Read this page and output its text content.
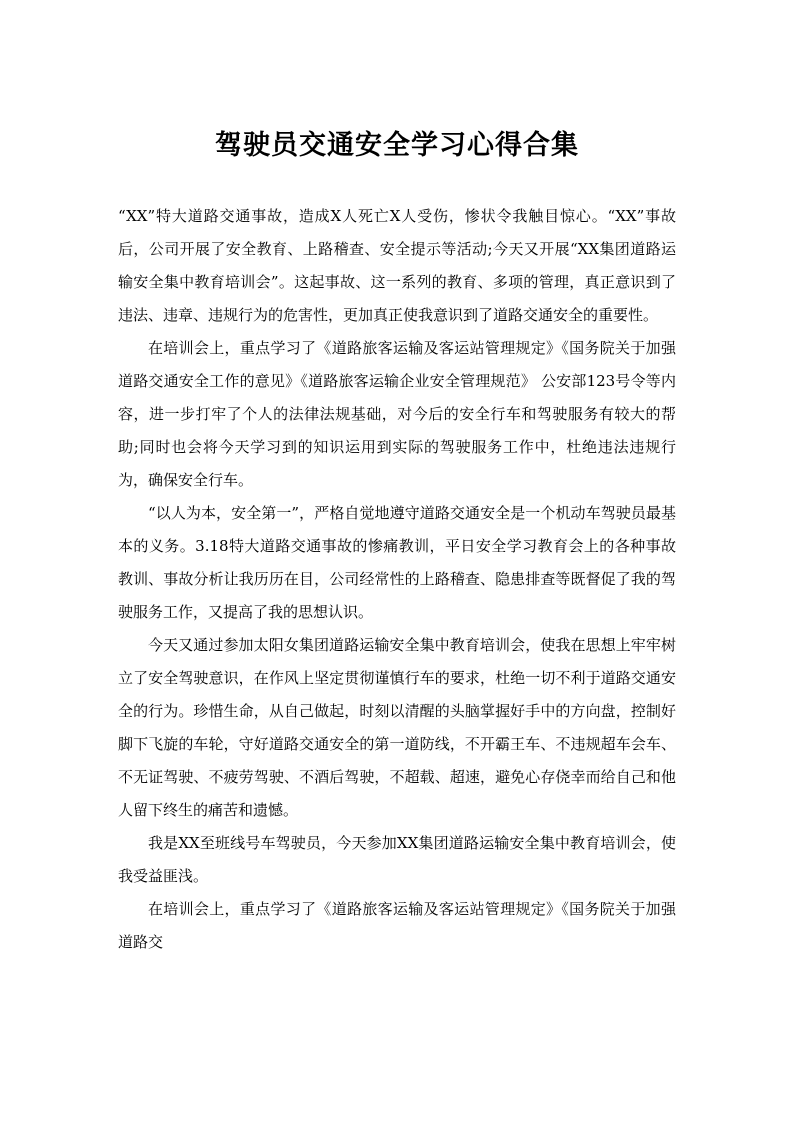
驾驶员交通安全学习心得合集

“XX”特大道路交通事故，造成X人死亡X人受伤，惨状令我触目惊心。“XX”事故后，公司开展了安全教育、上路稽查、安全提示等活动;今天又开展“XX集团道路运输安全集中教育培训会”。这起事故、这一系列的教育、多项的管理，真正意识到了违法、违章、违规行为的危害性，更加真正使我意识到了道路交通安全的重要性。

在培训会上，重点学习了《道路旅客运输及客运站管理规定》《国务院关于加强道路交通安全工作的意见》《道路旅客运输企业安全管理规范》 公安部123号令等内容，进一步打牢了个人的法律法规基础，对今后的安全行车和驾驶服务有较大的帮助;同时也会将今天学习到的知识运用到实际的驾驶服务工作中，杜绝违法违规行为，确保安全行车。

“以人为本，安全第一”，严格自觉地遵守道路交通安全是一个机动车驾驶员最基本的义务。3.18特大道路交通事故的惨痛教训，平日安全学习教育会上的各种事故教训、事故分析让我历历在目，公司经常性的上路稽查、隐患排查等既督促了我的驾驶服务工作，又提高了我的思想认识。

今天又通过参加太阳女集团道路运输安全集中教育培训会，使我在思想上牢牢树立了安全驾驶意识，在作风上坚定贯彻谨慎行车的要求，杜绝一切不利于道路交通安全的行为。珍惜生命，从自己做起，时刻以清醒的头脑掌握好手中的方向盘，控制好脚下飞旋的车轮，守好道路交通安全的第一道防线，不开霸王车、不违规超车会车、不无证驾驶、不疲劳驾驶、不酒后驾驶，不超载、超速，避免心存侥幸而给自己和他人留下终生的痛苦和遗憾。

我是XX至班线号车驾驶员，今天参加XX集团道路运输安全集中教育培训会，使我受益匪浅。

在培训会上，重点学习了《道路旅客运输及客运站管理规定》《国务院关于加强道路交
